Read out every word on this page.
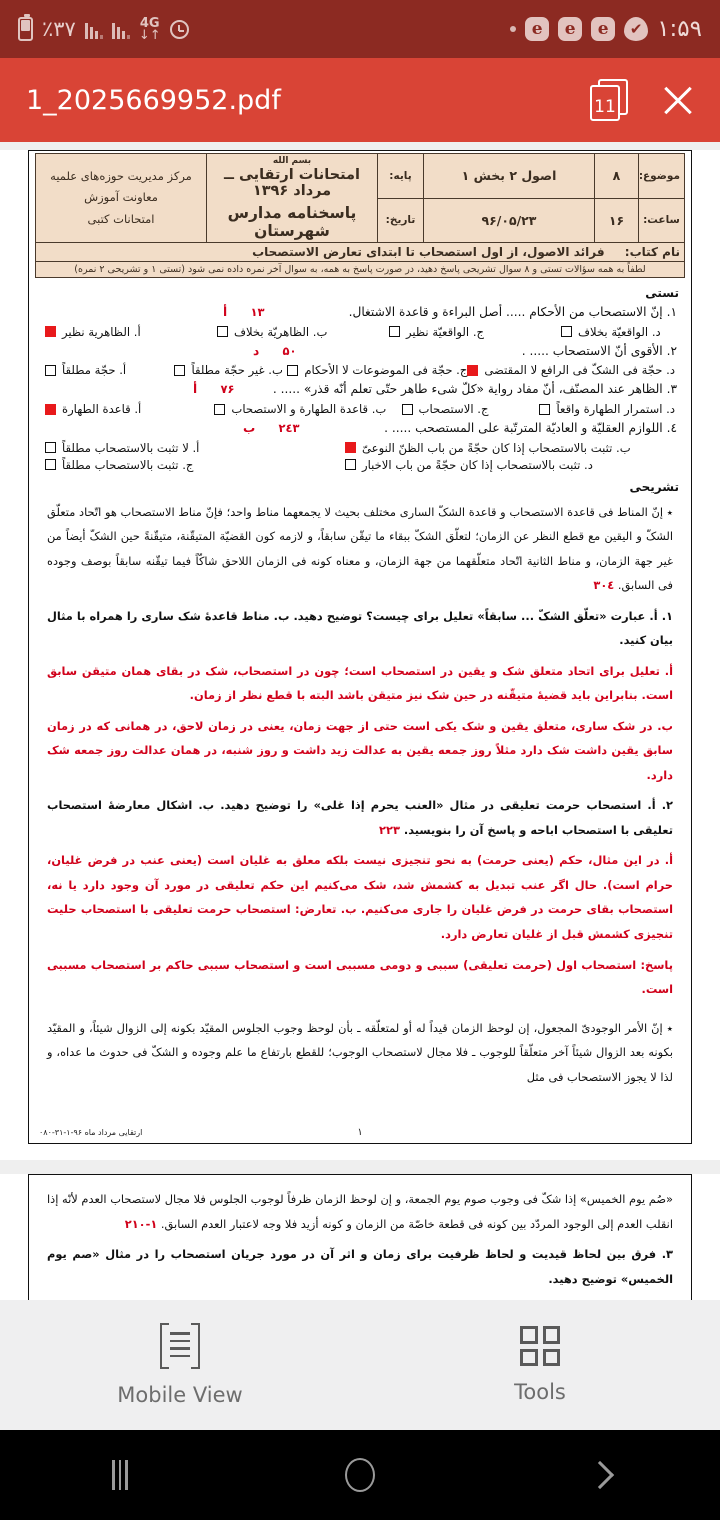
٪۳۷	4G
↓↑	e	e	e	✔ ۱:۵۹
1_2025669952.pdf	11
موضوع:	۸	اصول ۲ بخش ۱	پایه:	
بسم الله
امتحانات ارتقایی ــ مرداد ۱۳۹۶
پاسخنامه مدارس شهرستان

مرکز مدیریت حوزه‌های علمیه
معاونت آموزش
امتحانات کتبی

ساعت:	۱۶	۹۶/۰۵/۲۳	تاریخ:		
نام کتاب: فرائد الاصول، از اول استصحاب تا ابتدای تعارض الاستصحاب					
لطفاً به همه سؤالات تستی و ۸ سوال تشریحی پاسخ دهید، در صورت پاسخ به همه، به سوال آخر نمره داده نمی شود (تستی ۱ و تشریحی ۲ نمره)					
تستی
۱۳      أ	۱. إنّ الاستصحاب من الأحکام ..... أصل البراءة و قاعدة الاشتغال.
أ. الظاهریة نظیر	ب. الظاهریّة بخلاف	ج. الواقعیّة نظیر	د. الواقعیّة بخلاف
۵۰      د	۲. الأقوى أنّ الاستصحاب ..... .
أ. حجّة مطلقاً	ب. غیر حجّة مطلقاً ج. حجّة فی الموضوعات لا الأحکام د. حجّة فی الشکّ فی الرافع لا المقتضی
۷۶      أ	۳. الظاهر عند المصنّف، أنّ مفاد روایة «کلّ شیء طاهر حتّى تعلم أنّه قذر» ..... .
أ. قاعدة الطهارة	ب. قاعدة الطهارة و الاستصحاب	ج. الاستصحاب	د. استمرار الطهارة واقعاً
۲٤۳      ب	٤. اللوازم العقلیّة و العادیّة المترتّبة على المستصحب ..... .
أ. لا تثبت بالاستصحاب مطلقاً	ب. تثبت بالاستصحاب إذا کان حجّةً من باب الظنّ النوعیّ
ج. تثبت بالاستصحاب مطلقاً	د. تثبت بالاستصحاب إذا کان حجّةً من باب الاخبار
تشریحی
٭ إنّ المناط فی قاعدة الاستصحاب و قاعدة الشکّ السارى مختلف بحیث لا یجمعهما مناط واحد؛ فإنّ مناط الاستصحاب هو اتّحاد متعلّق الشکّ و الیقین مع قطع النظر عن الزمان؛ لتعلّق الشکّ ببقاء ما تیقّن سابقاً، و لازمه کون القضیّة المتیقّنة، متیقّنةً حین الشکّ أیضاً من غیر جهة الزمان، و مناط الثانیة اتّحاد متعلّقهما من جهة الزمان، و معناه کونه فی الزمان اللاحق شاکّاً فیما تیقّنه سابقاً بوصف وجوده فی السابق. ۳۰٤
۱. أ. عبارت «تعلّق الشکّ ... سابقاً» تعلیل برای چیست؟ توضیح دهید. ب. مناط قاعدهٔ شک سارى را همراه با مثال بیان کنید.
أ. تعلیل برای اتحاد متعلق شک و یقین در استصحاب است؛ چون در استصحاب، شک در بقای همان متیقن سابق است. بنابراین باید قضیهٔ متیقّنه در حین شک نیز متیقن باشد البته با قطع نظر از زمان.
ب. در شک سارى، متعلق یقین و شک یکی است حتی از جهت زمان، یعنی در زمان لاحق، در همانی که در زمان سابق یقین داشت شک دارد مثلاً روز جمعه یقین به عدالت زید داشت و روز شنبه، در همان عدالت روز جمعه شک دارد.
۲. أ. استصحاب حرمت تعلیقی در مثال «العنب یحرم إذا غلى» را توضیح دهید. ب. اشکال معارضهٔ استصحاب تعلیقی با استصحاب اباحه و پاسخ آن را بنویسید. ۲۲۳
أ. در این مثال، حکم (یعنی حرمت) به نحو تنجیزی نیست بلکه معلق به غلیان است (یعنی عنب در فرض غلیان، حرام است). حال اگر عنب تبدیل به کشمش شد، شک می‌کنیم این حکم تعلیقی در مورد آن وجود دارد یا نه، استصحاب بقای حرمت در فرض غلیان را جاری می‌کنیم. ب. تعارض: استصحاب حرمت تعلیقی با استصحاب حلیت تنجیزی کشمش قبل از غلیان تعارض دارد.
پاسخ: استصحاب اول (حرمت تعلیقی) سببی و دومی مسببی است و استصحاب سببی حاکم بر استصحاب مسببی است.
٭ إنّ الأمر الوجودیّ المجعول، إن لوحظ الزمان قیداً له أو لمتعلّقه ـ بأن لوحظ وجوب الجلوس المقیّد بکونه إلى الزوال شیئاً، و المقیّد بکونه بعد الزوال شیئاً آخر متعلّقاً للوجوب ـ فلا مجال لاستصحاب الوجوب؛ للقطع بارتفاع ما علم وجوده و الشکّ فی حدوث ما عداه، و لذا لا یجوز الاستصحاب فی مثل
ارتقایی مرداد ماه ۹۶-۱-۳۱-۰۸۰	۱
«صُم یوم الخمیس» إذا شکّ فى وجوب صوم یوم الجمعة، و إن لوحظ الزمان ظرفاً لوجوب الجلوس فلا مجال لاستصحاب العدم لأنّه إذا انقلب العدم إلى الوجود المردّد بین کونه فى قطعة خاصّة من الزمان و کونه أزید فلا وجه لاعتبار العدم السابق. ۱-۲۱۰
۳. فرق بین لحاظ قیدیت و لحاظ ظرفیت برای زمان و اثر آن در مورد جریان استصحاب را در مثال «صم یوم الخمیس» توضیح دهید.
Mobile View	Tools
